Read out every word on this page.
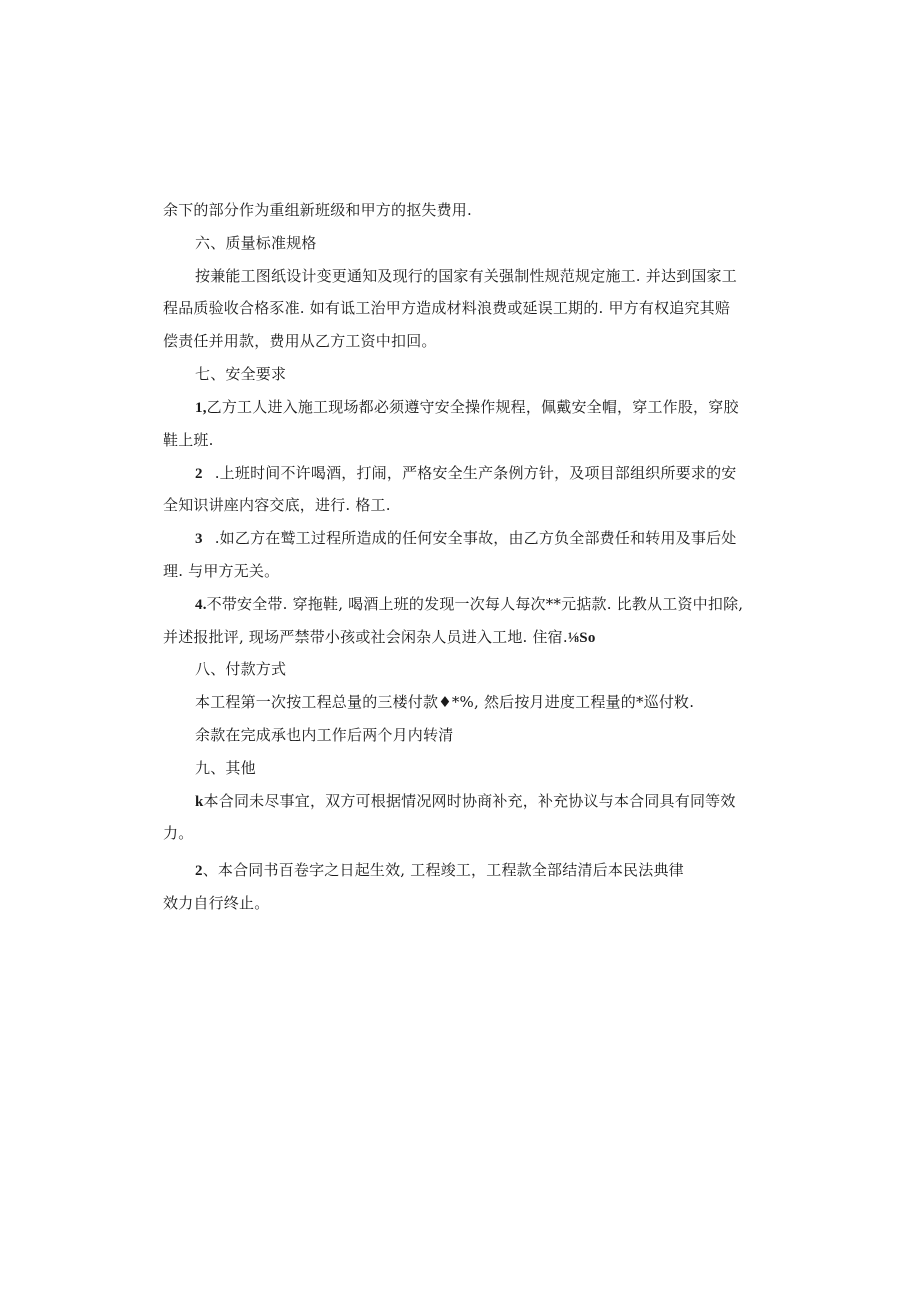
余下的部分作为重组新班级和甲方的抠失费用.
六、质量标准规格
按兼能工图纸设计变更通知及现行的国家有关强制性规范规定施工. 并达到国家工
程品质验收合格豕准. 如有诋工治甲方造成材料浪费或延误工期的. 甲方有权追究其赔
偿责任并用款，费用从乙方工资中扣回。
七、安全要求
1,乙方工人进入施工现场都必须遵守安全操作规程，佩戴安全帽，穿工作股，穿胶
鞋上班.
2 .上班时间不许喝酒，打闹，严格安全生产条例方针，及项目部组织所要求的安
全知识讲座内容交底，进行. 格工.
3 .如乙方在鹫工过程所造成的任何安全事故，由乙方负全部费任和转用及事后处
理. 与甲方无关。
4.不带安全带. 穿拖鞋, 喝酒上班的发现一次每人每次**元掂款. 比教从工资中扣除,
并述报批评, 现场严禁带小孩或社会闲杂人员进入工地. 住宿.⅛So
八、付款方式
本工程第一次按工程总量的三楼付款♦*%, 然后按月进度工程量的*巡付敉.
余款在完成承也内工作后两个月内转清
九、其他
k本合同未尽事宜，双方可根据情况网时协商补充，补充协议与本合同具有同等效
力。
2、本合同书百卷字之日起生效, 工程竣工，工程款全部结清后本民法典律
效力自行终止。
